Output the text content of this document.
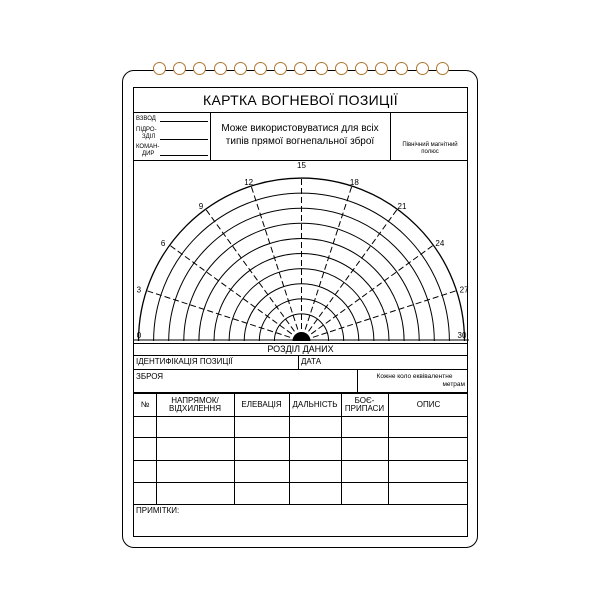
КАРТКА ВОГНЕВОЇ ПОЗИЦІЇ
ВЗВОД
ПІДРО-
ЗДІЛ
КОМАН-
ДИР
Може використовуватися для всіх
типів прямої вогнепальної зброї	Північний магнітний
полюс
0
3
6
9
12
15
18
21
24
27
30
РОЗДІЛ ДАНИХ
ІДЕНТИФІКАЦІЯ ПОЗИЦІЇ	ДАТА
ЗБРОЯ	Кожне коло еквівалентне
метрам
№	НАПРЯМОК/ ВІДХИЛЕННЯ	ЕЛЕВАЦІЯ	ДАЛЬНІСТЬ	БОЄ- ПРИПАСИ	ОПИС
ПРИМІТКИ:
